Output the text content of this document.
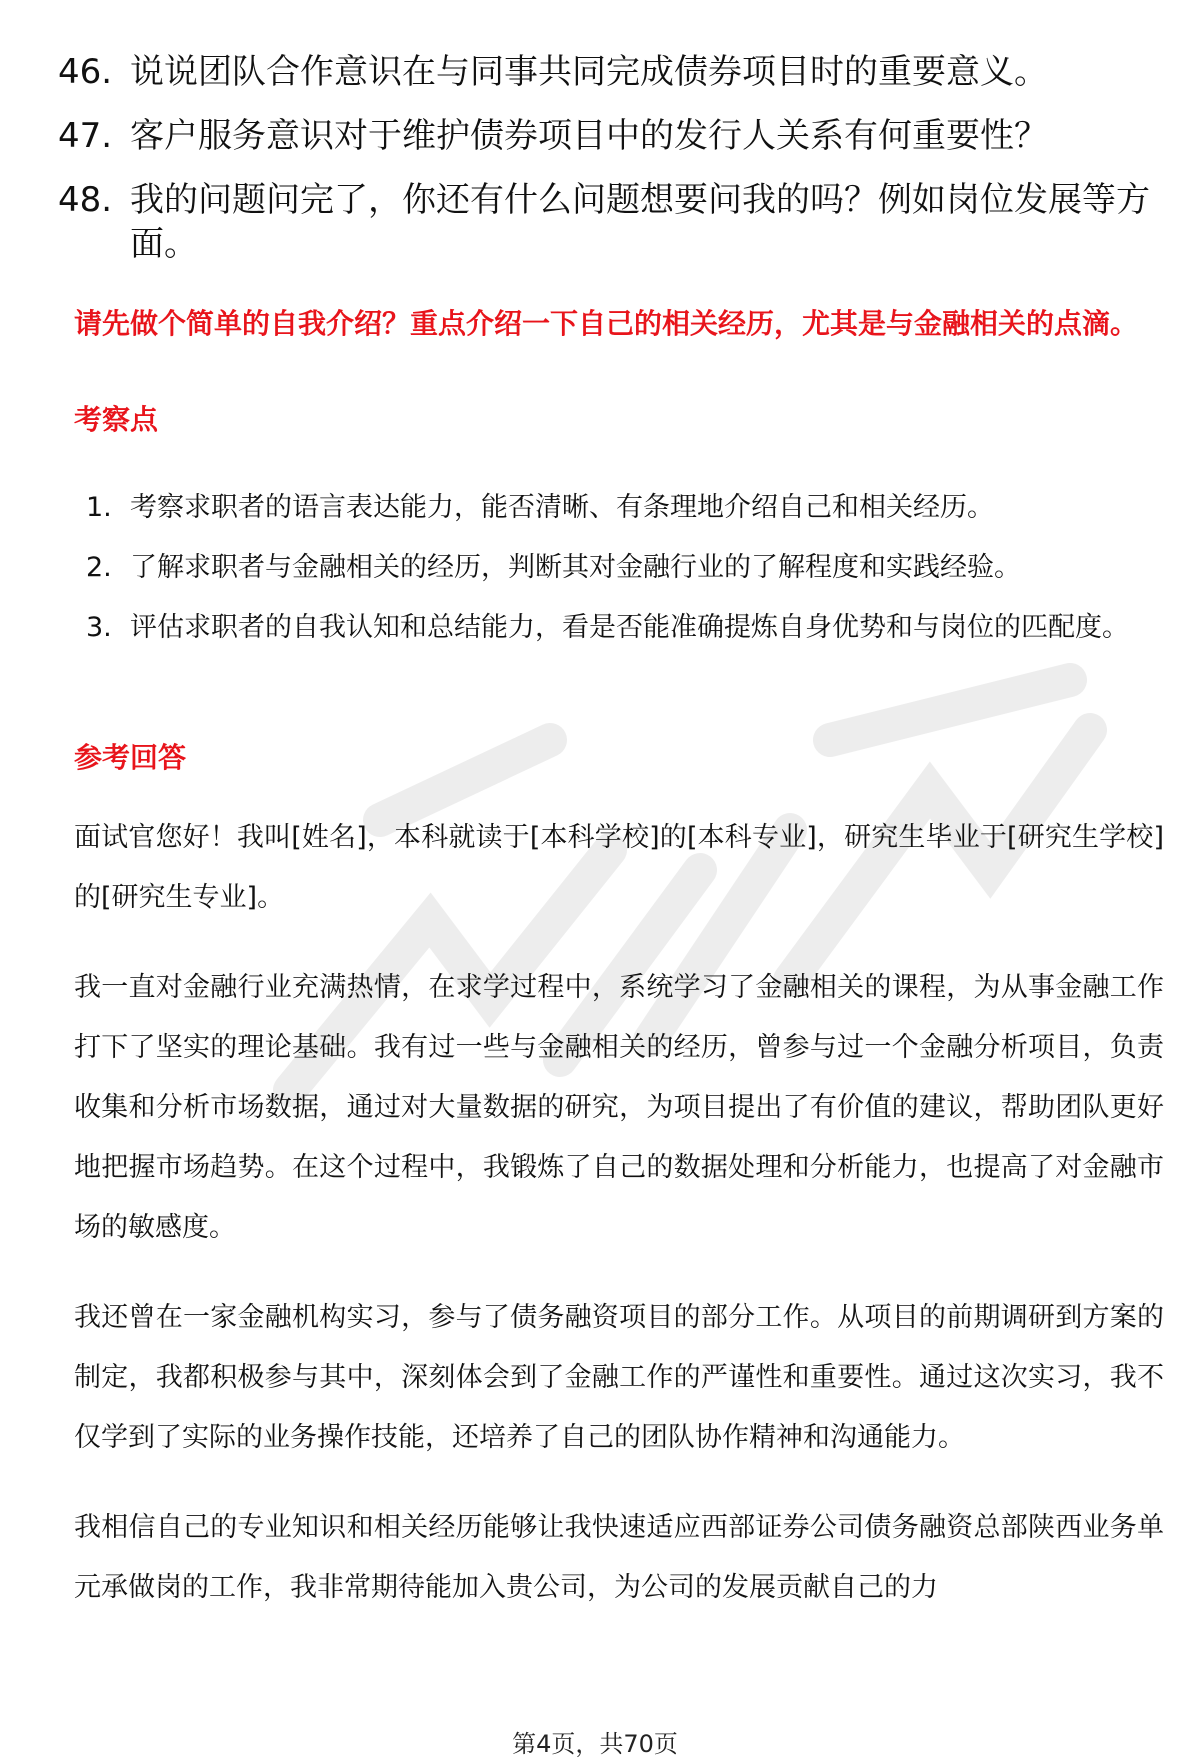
46. 说说团队合作意识在与同事共同完成债券项目时的重要意义。
47. 客户服务意识对于维护债券项目中的发行人关系有何重要性？
48. 我的问题问完了，你还有什么问题想要问我的吗？例如岗位发展等方面。
请先做个简单的自我介绍？重点介绍一下自己的相关经历，尤其是与金融相关的点滴。
考察点
1. 考察求职者的语言表达能力，能否清晰、有条理地介绍自己和相关经历。
2. 了解求职者与金融相关的经历，判断其对金融行业的了解程度和实践经验。
3. 评估求职者的自我认知和总结能力，看是否能准确提炼自身优势和与岗位的匹配度。
参考回答

面试官您好！我叫[姓名]，本科就读于[本科学校]的[本科专业]，研究生毕业于[研究生学校]的[研究生专业]。

我一直对金融行业充满热情，在求学过程中，系统学习了金融相关的课程，为从事金融工作打下了坚实的理论基础。我有过一些与金融相关的经历，曾参与过一个金融分析项目，负责收集和分析市场数据，通过对大量数据的研究，为项目提出了有价值的建议，帮助团队更好地把握市场趋势。在这个过程中，我锻炼了自己的数据处理和分析能力，也提高了对金融市场的敏感度。

我还曾在一家金融机构实习，参与了债务融资项目的部分工作。从项目的前期调研到方案的制定，我都积极参与其中，深刻体会到了金融工作的严谨性和重要性。通过这次实习，我不仅学到了实际的业务操作技能，还培养了自己的团队协作精神和沟通能力。

我相信自己的专业知识和相关经历能够让我快速适应西部证券公司债务融资总部陕西业务单元承做岗的工作，我非常期待能加入贵公司，为公司的发展贡献自己的力

第4页，共70页
